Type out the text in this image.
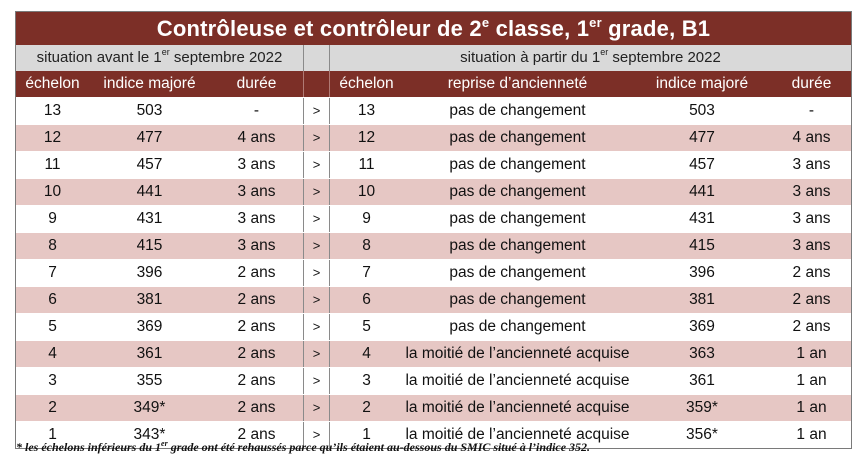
Contrôleuse et contrôleur de 2e classe, 1er grade, B1
situation avant le 1er septembre 2022	situation à partir du 1er septembre 2022
échelon	indice majoré	durée	échelon	reprise d’ancienneté	indice majoré	durée
13	503	-	>	13	pas de changement	503	-
12	477	4 ans	>	12	pas de changement	477	4 ans
11	457	3 ans	>	11	pas de changement	457	3 ans
10	441	3 ans	>	10	pas de changement	441	3 ans
9	431	3 ans	>	9	pas de changement	431	3 ans
8	415	3 ans	>	8	pas de changement	415	3 ans
7	396	2 ans	>	7	pas de changement	396	2 ans
6	381	2 ans	>	6	pas de changement	381	2 ans
5	369	2 ans	>	5	pas de changement	369	2 ans
4	361	2 ans	>	4	la moitié de l’ancienneté acquise	363	1 an
3	355	2 ans	>	3	la moitié de l’ancienneté acquise	361	1 an
2	349*	2 ans	>	2	la moitié de l’ancienneté acquise	359*	1 an
1	343*	2 ans	>	1	la moitié de l’ancienneté acquise	356*	1 an
* les échelons inférieurs du 1er grade ont été rehaussés parce qu’ils étaient au-dessous du SMIC situé à l’indice 352.
